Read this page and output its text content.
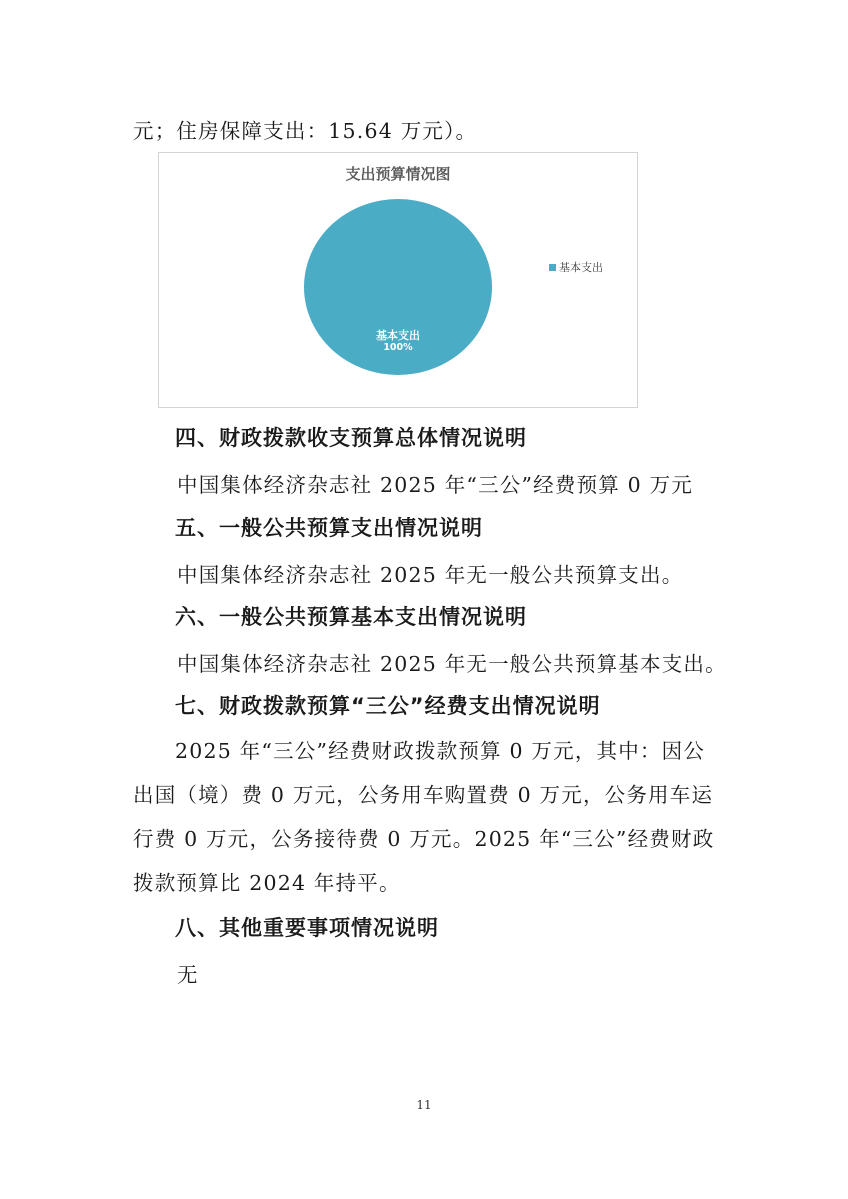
元；住房保障支出：15.64 万元）。
支出预算情况图
基本支出
100%
基本支出
四、财政拨款收支预算总体情况说明
中国集体经济杂志社 2025 年“三公”经费预算 0 万元
五、一般公共预算支出情况说明
中国集体经济杂志社 2025 年无一般公共预算支出。
六、一般公共预算基本支出情况说明
中国集体经济杂志社 2025 年无一般公共预算基本支出。
七、财政拨款预算“三公”经费支出情况说明
2025 年“三公”经费财政拨款预算 0 万元，其中：因公
出国（境）费 0 万元，公务用车购置费 0 万元，公务用车运
行费 0 万元，公务接待费 0 万元。2025 年“三公”经费财政
拨款预算比 2024 年持平。
八、其他重要事项情况说明
无
11
